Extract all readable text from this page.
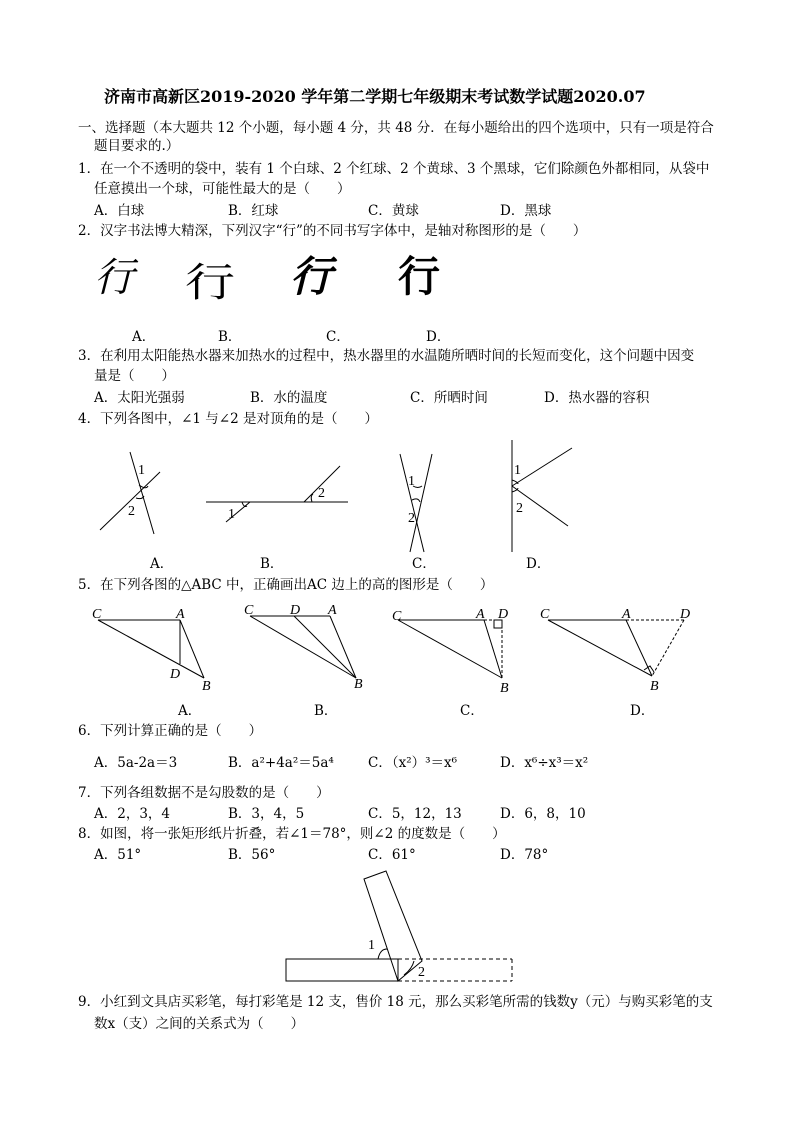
济南市高新区2019-2020 学年第二学期七年级期末考试数学试题2020.07
一、选择题（本大题共 12 个小题，每小题 4 分，共 48 分．在每小题给出的四个选项中，只有一项是符合
题目要求的.）
1．在一个不透明的袋中，装有 1 个白球、2 个红球、2 个黄球、3 个黑球，它们除颜色外都相同，从袋中
任意摸出一个球，可能性最大的是（　　）
A．白球	B．红球	C．黄球	D．黑球
2．汉字书法博大精深，下列汉字“行”的不同书写字体中，是轴对称图形的是（　　）
行 行 行 行
A．	B．	C．	D．
3．在利用太阳能热水器来加热水的过程中，热水器里的水温随所晒时间的长短而变化，这个问题中因变
量是（　　）
A．太阳光强弱	B．水的温度	C．所晒时间	D．热水器的容积
4．下列各图中，∠1 与∠2 是对顶角的是（　　）
1
2	1
2
1
2
1
2
A．	B．	C．	D．
5．在下列各图的△ABC 中，正确画出AC 边上的高的图形是（　　）
C	A
D
B
C	D A
B
C	A D
B
C	A	D
B
A．	B．	C．	D．
6．下列计算正确的是（　　）
A．5a-2a＝3	B．a²+4a²＝5a⁴	C．（x²）³＝x⁶	D．x⁶÷x³＝x²
7．下列各组数据不是勾股数的是（　　）
A．2，3，4	B．3，4，5	C．5，12，13	D．6，8，10
8．如图，将一张矩形纸片折叠，若∠1＝78°，则∠2 的度数是（　　）
A．51°	B．56°	C．61°	D．78°
1
2
9．小红到文具店买彩笔，每打彩笔是 12 支，售价 18 元，那么买彩笔所需的钱数y（元）与购买彩笔的支
数x（支）之间的关系式为（　　）
